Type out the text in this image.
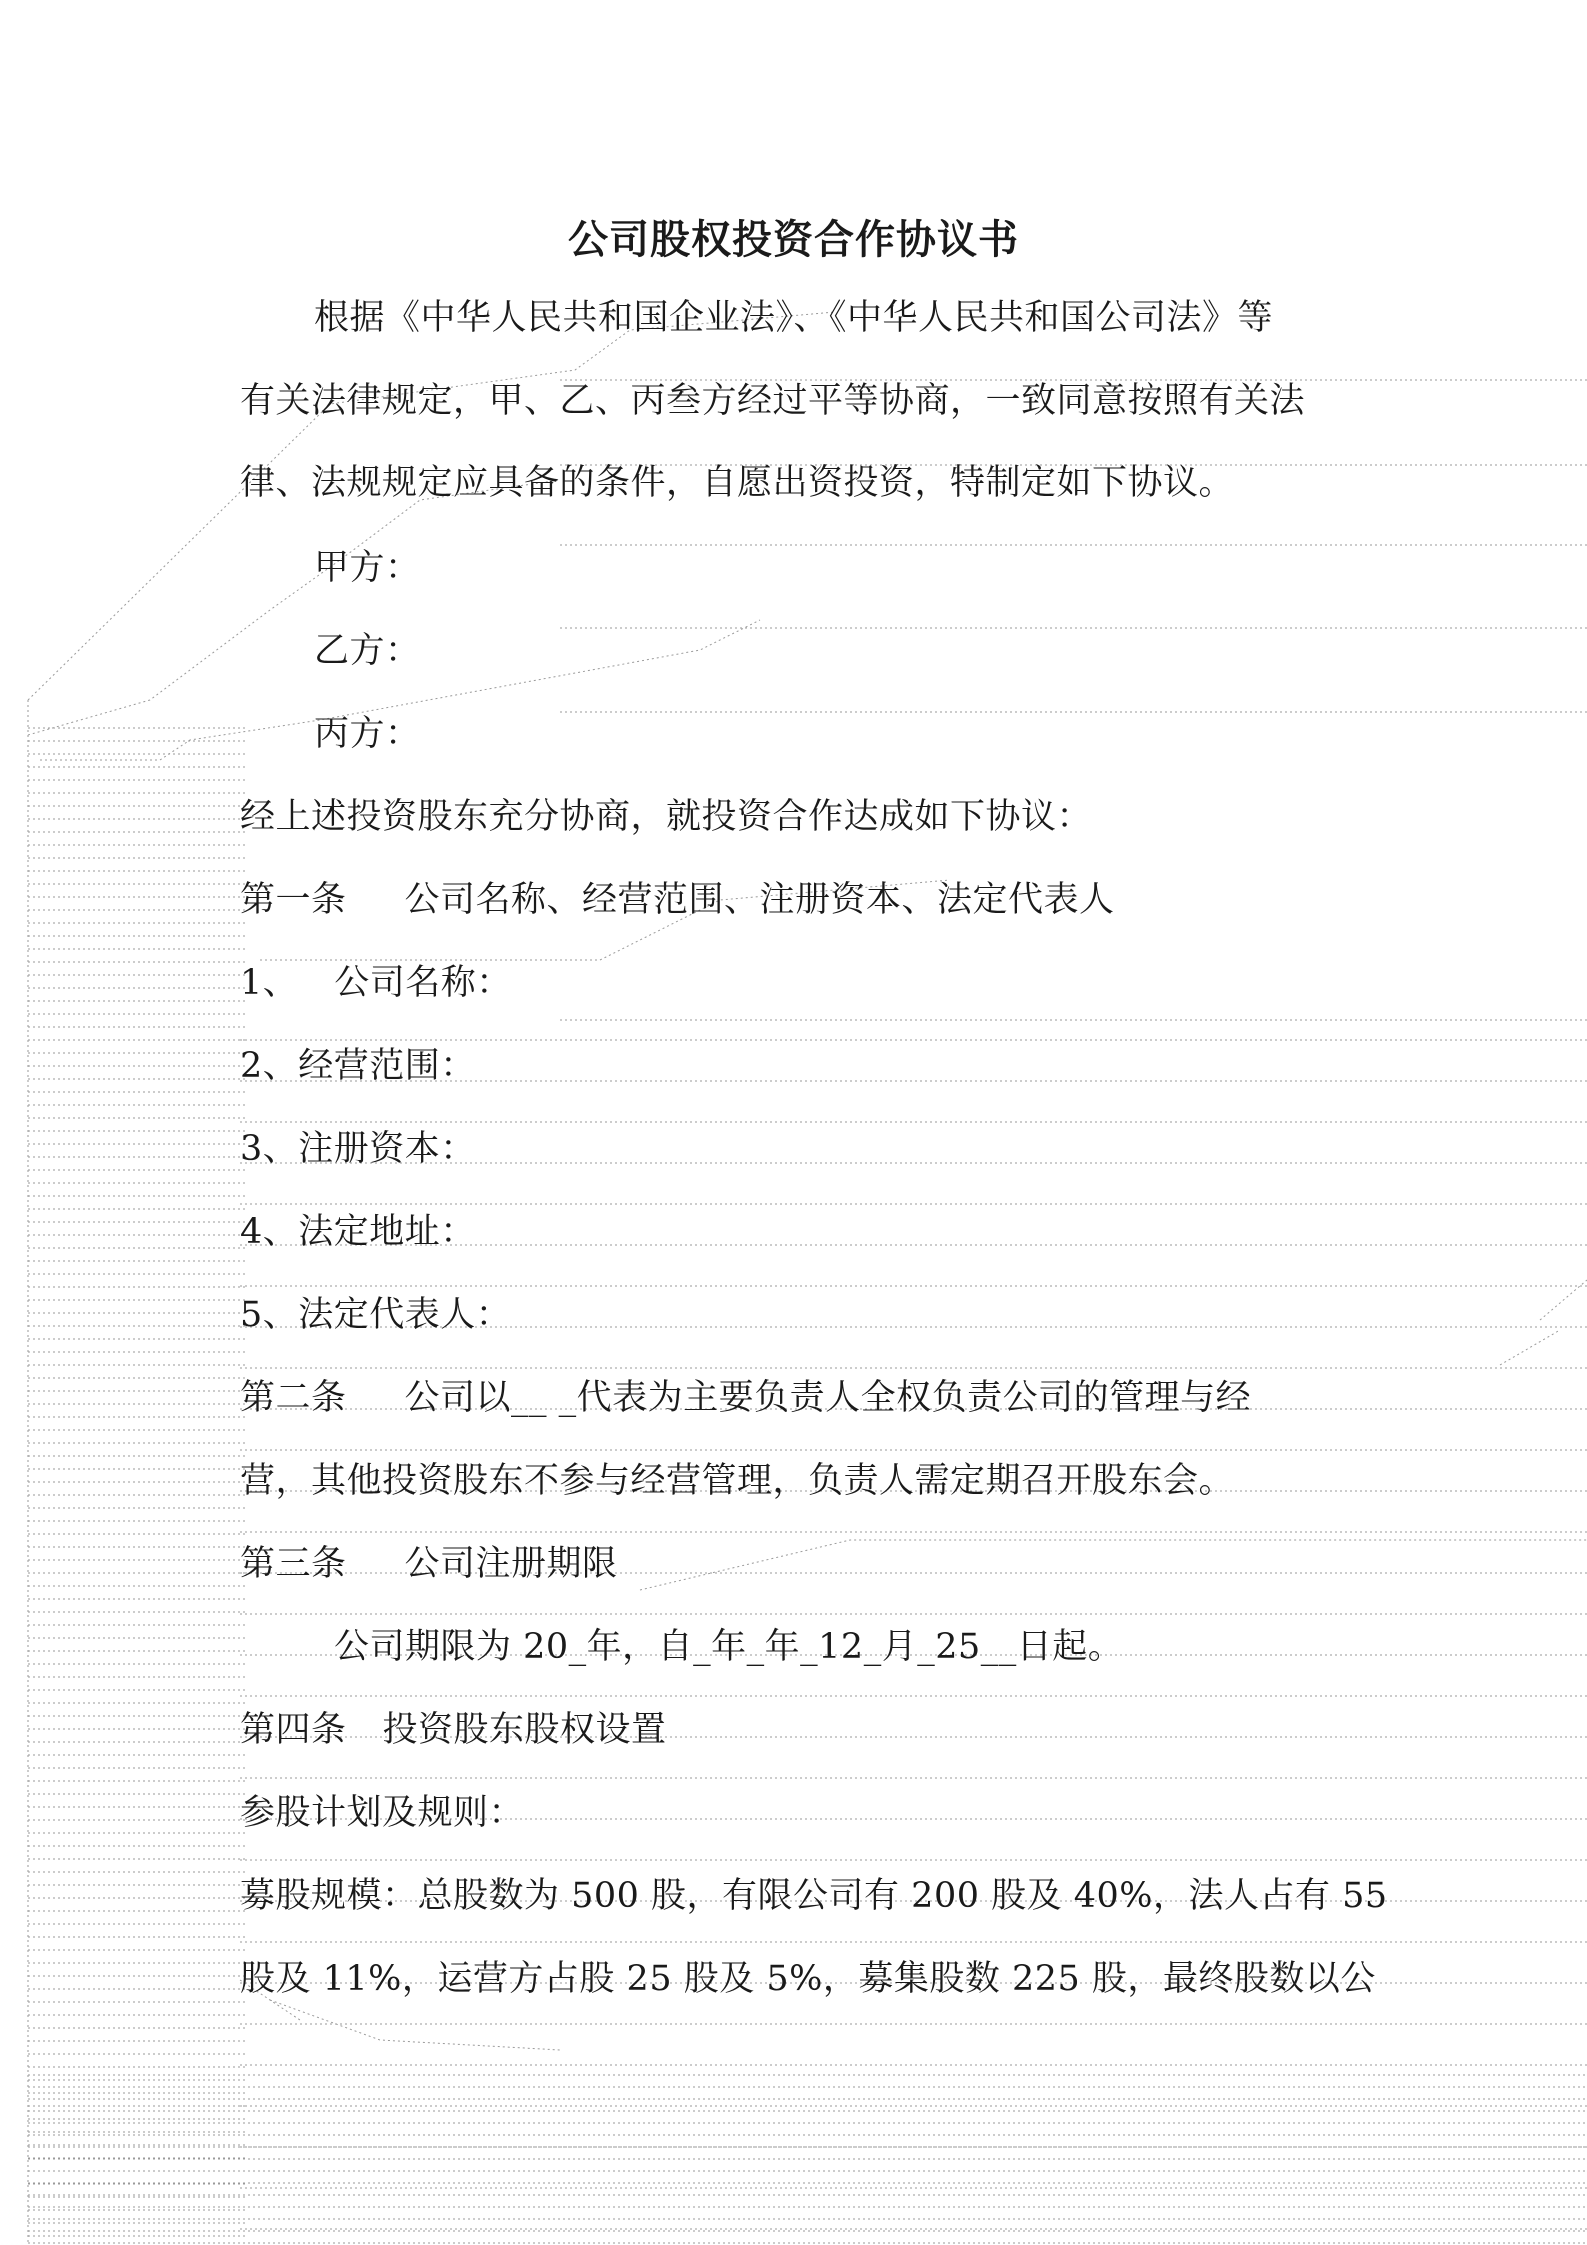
公司股权投资合作协议书
根据《中华人民共和国企业法》、《中华人民共和国公司法》等
有关法律规定，甲、乙、丙叁方经过平等协商，一致同意按照有关法
律、法规规定应具备的条件，自愿出资投资，特制定如下协议。
甲方：
乙方：
丙方：
经上述投资股东充分协商，就投资合作达成如下协议：
第一条 公司名称、经营范围、注册资本、法定代表人
1、 公司名称：
2、经营范围：
3、注册资本：
4、法定地址：
5、法定代表人：
第二条 公司以__ _代表为主要负责人全权负责公司的管理与经
营，其他投资股东不参与经营管理，负责人需定期召开股东会。
第三条 公司注册期限
公司期限为 20_年，自_年_年_12_月_25__日起。
第四条 投资股东股权设置
参股计划及规则：
募股规模：总股数为 500 股，有限公司有 200 股及 40%，法人占有 55
股及 11%，运营方占股 25 股及 5%，募集股数 225 股，最终股数以公
